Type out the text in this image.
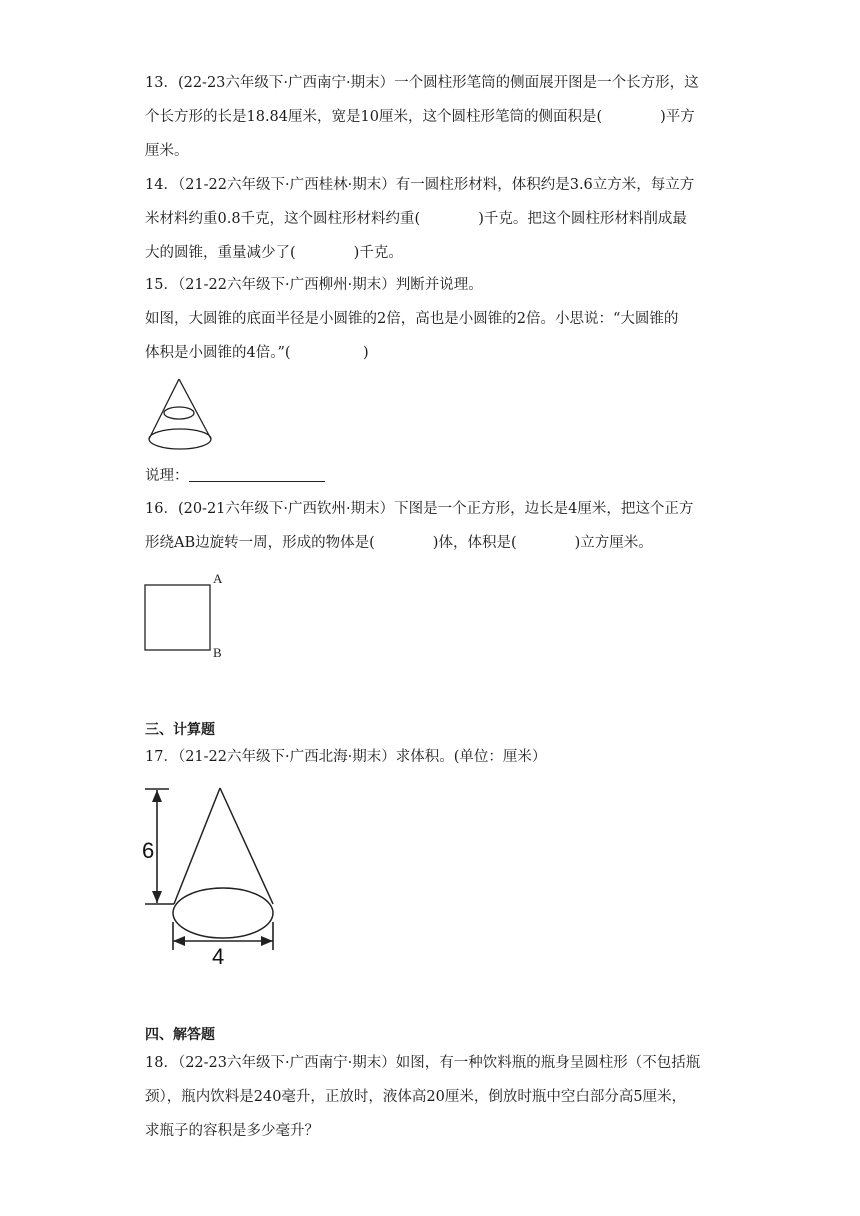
13．(22-23六年级下·广西南宁·期末）一个圆柱形笔筒的侧面展开图是一个长方形，这
个长方形的长是18.84厘米，宽是10厘米，这个圆柱形笔筒的侧面积是(　　　　)平方
厘米。
14．（21-22六年级下·广西桂林·期末）有一圆柱形材料，体积约是3.6立方米，每立方
米材料约重0.8千克，这个圆柱形材料约重(　　　　)千克。把这个圆柱形材料削成最
大的圆锥，重量减少了(　　　　)千克。
15．（21-22六年级下·广西柳州·期末）判断并说理。
如图，大圆锥的底面半径是小圆锥的2倍，高也是小圆锥的2倍。小思说：“大圆锥的
体积是小圆锥的4倍。”(　　　　　)
说理：
16．(20-21六年级下·广西钦州·期末）下图是一个正方形，边长是4厘米，把这个正方
形绕AB边旋转一周，形成的物体是(　　　　)体，体积是(　　　　)立方厘米。
A
B
三、计算题
17．（21-22六年级下·广西北海·期末）求体积。(单位：厘米）
6
4
四、解答题
18．（22-23六年级下·广西南宁·期末）如图，有一种饮料瓶的瓶身呈圆柱形（不包括瓶
颈），瓶内饮料是240毫升，正放时，液体高20厘米，倒放时瓶中空白部分高5厘米，
求瓶子的容积是多少毫升？
